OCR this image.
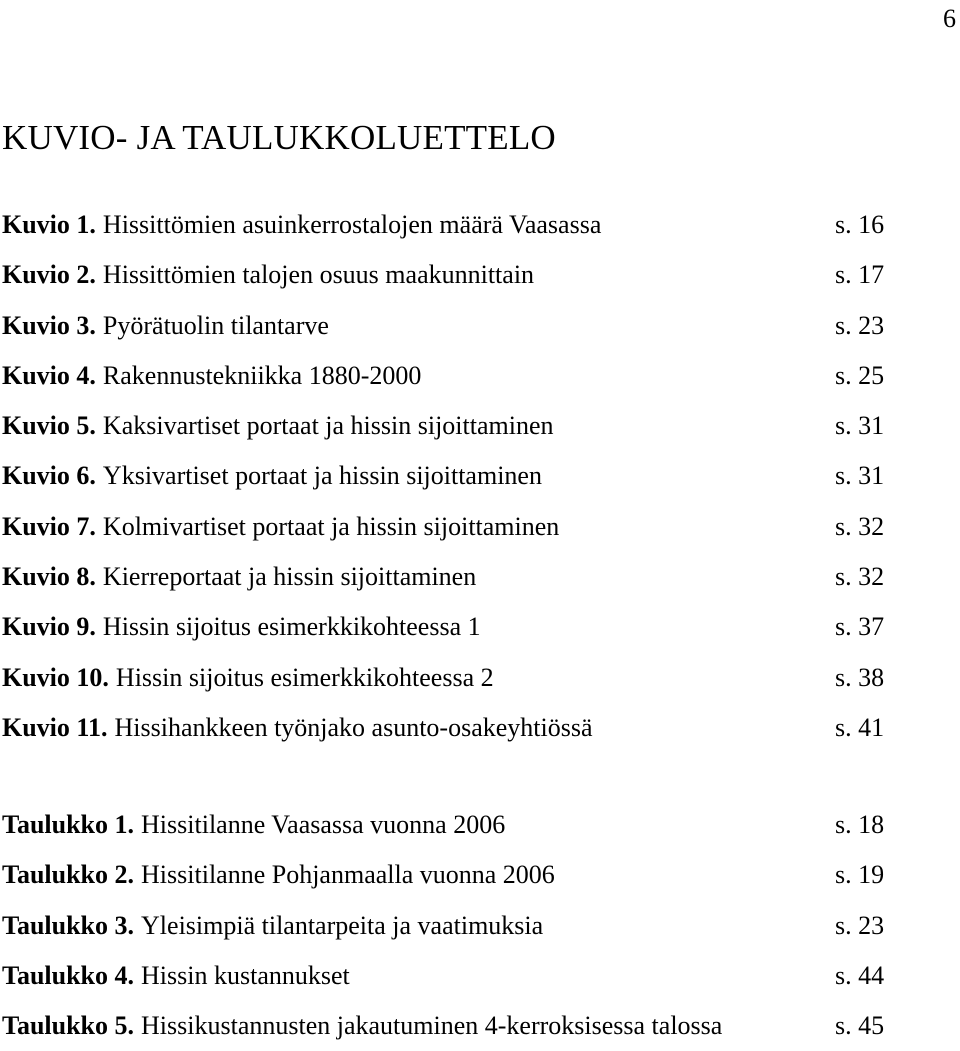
6
KUVIO- JA TAULUKKOLUETTELO
Kuvio 1. Hissittömien asuinkerrostalojen määrä Vaasassa	s. 16
Kuvio 2. Hissittömien talojen osuus maakunnittain	s. 17
Kuvio 3. Pyörätuolin tilantarve	s. 23
Kuvio 4. Rakennustekniikka 1880-2000	s. 25
Kuvio 5. Kaksivartiset portaat ja hissin sijoittaminen	s. 31
Kuvio 6. Yksivartiset portaat ja hissin sijoittaminen	s. 31
Kuvio 7. Kolmivartiset portaat ja hissin sijoittaminen	s. 32
Kuvio 8. Kierreportaat ja hissin sijoittaminen	s. 32
Kuvio 9. Hissin sijoitus esimerkkikohteessa 1	s. 37
Kuvio 10. Hissin sijoitus esimerkkikohteessa 2	s. 38
Kuvio 11. Hissihankkeen työnjako asunto-osakeyhtiössä	s. 41
Taulukko 1. Hissitilanne Vaasassa vuonna 2006	s. 18
Taulukko 2. Hissitilanne Pohjanmaalla vuonna 2006	s. 19
Taulukko 3. Yleisimpiä tilantarpeita ja vaatimuksia	s. 23
Taulukko 4. Hissin kustannukset	s. 44
Taulukko 5. Hissikustannusten jakautuminen 4-kerroksisessa talossa	s. 45
